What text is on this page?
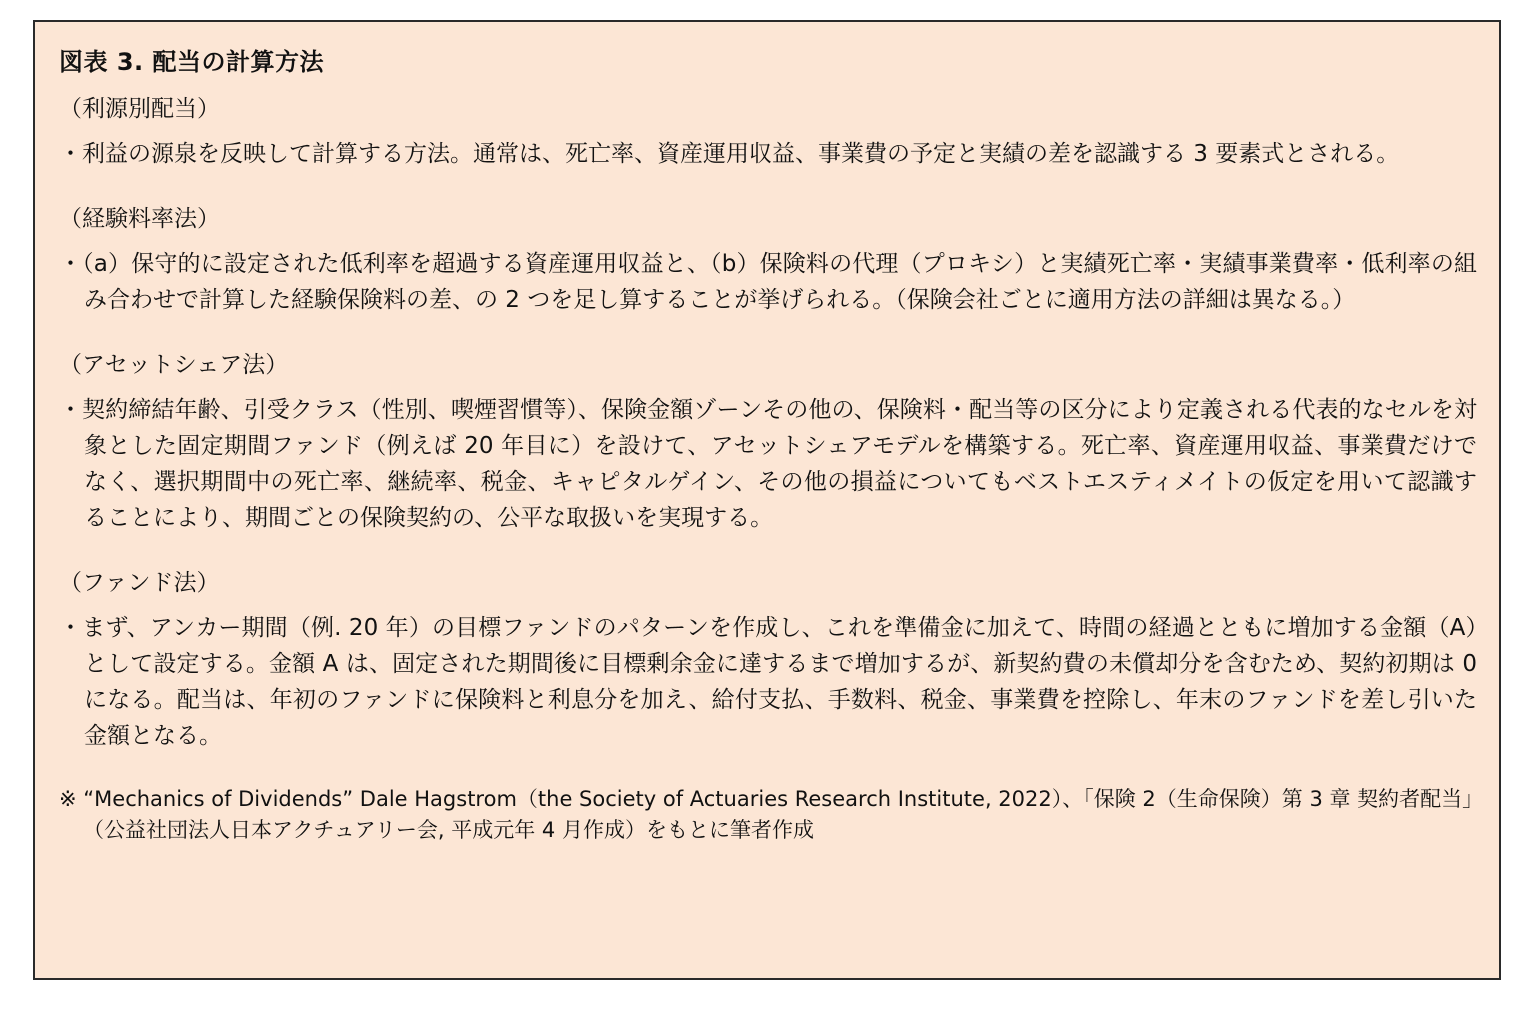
図表 3. 配当の計算方法
（利源別配当）

・利益の源泉を反映して計算する方法。通常は、死亡率、資産運用収益、事業費の予定と実績の差を認識する 3 要素式とされる。

（経験料率法）

・（a）保守的に設定された低利率を超過する資産運用収益と、（b）保険料の代理（プロキシ）と実績死亡率・実績事業費率・低利率の組み合わせで計算した経験保険料の差、の 2 つを足し算することが挙げられる。（保険会社ごとに適用方法の詳細は異なる。）

（アセットシェア法）

・契約締結年齢、引受クラス（性別、喫煙習慣等）、保険金額ゾーンその他の、保険料・配当等の区分により定義される代表的なセルを対象とした固定期間ファンド（例えば 20 年目に）を設けて、アセットシェアモデルを構築する。死亡率、資産運用収益、事業費だけでなく、選択期間中の死亡率、継続率、税金、キャピタルゲイン、その他の損益についてもベストエスティメイトの仮定を用いて認識することにより、期間ごとの保険契約の、公平な取扱いを実現する。

（ファンド法）

・まず、アンカー期間（例. 20 年）の目標ファンドのパターンを作成し、これを準備金に加えて、時間の経過とともに増加する金額（A）として設定する。金額 A は、固定された期間後に目標剰余金に達するまで増加するが、新契約費の未償却分を含むため、契約初期は 0 になる。配当は、年初のファンドに保険料と利息分を加え、給付支払、手数料、税金、事業費を控除し、年末のファンドを差し引いた金額となる。

※ “Mechanics of Dividends” Dale Hagstrom（the Society of Actuaries Research Institute, 2022）、「保険 2（生命保険）第 3 章 契約者配当」（公益社団法人日本アクチュアリー会, 平成元年 4 月作成）をもとに筆者作成
